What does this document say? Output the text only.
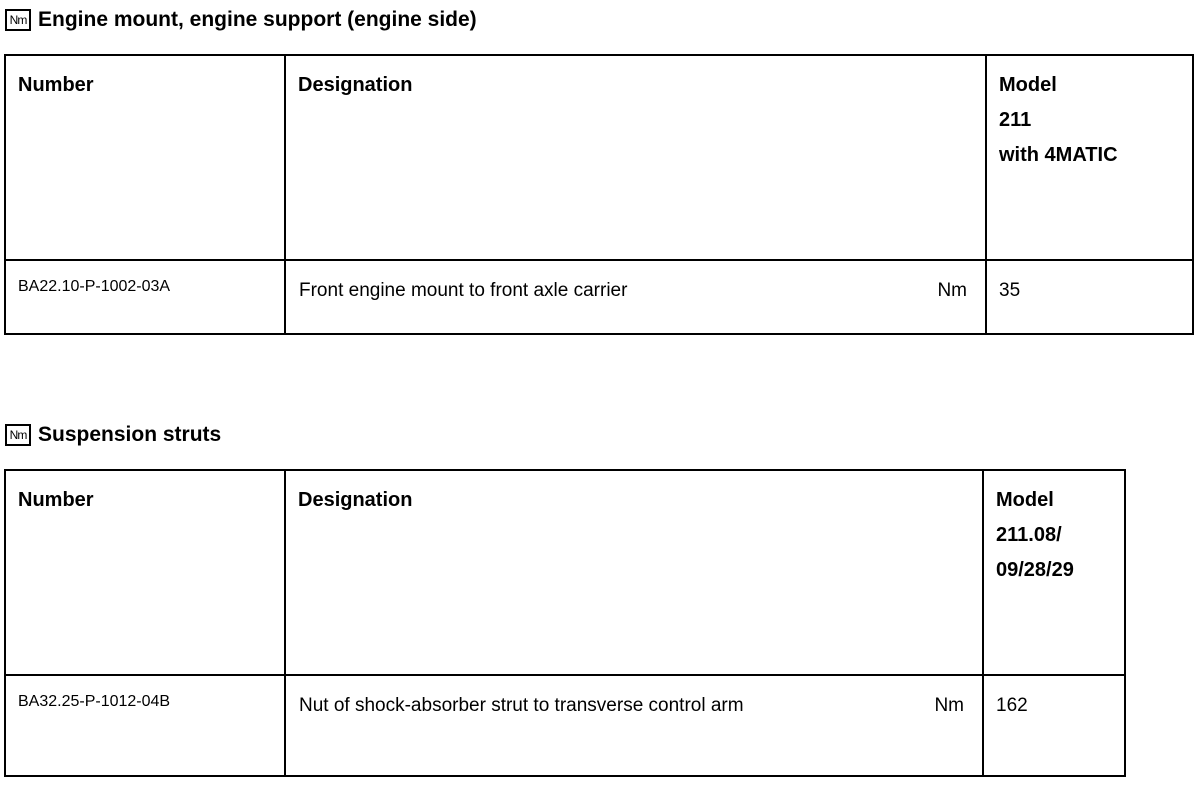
Nm Engine mount, engine support (engine side)
Number	Designation	Model
211
with 4MATIC

BA22.10-P-1002-03A	Front engine mount to front axle carrier Nm	35
Nm Suspension struts
Number	Designation	Model
211.08/
09/28/29

BA32.25-P-1012-04B	Nut of shock-absorber strut to transverse control arm Nm	162
